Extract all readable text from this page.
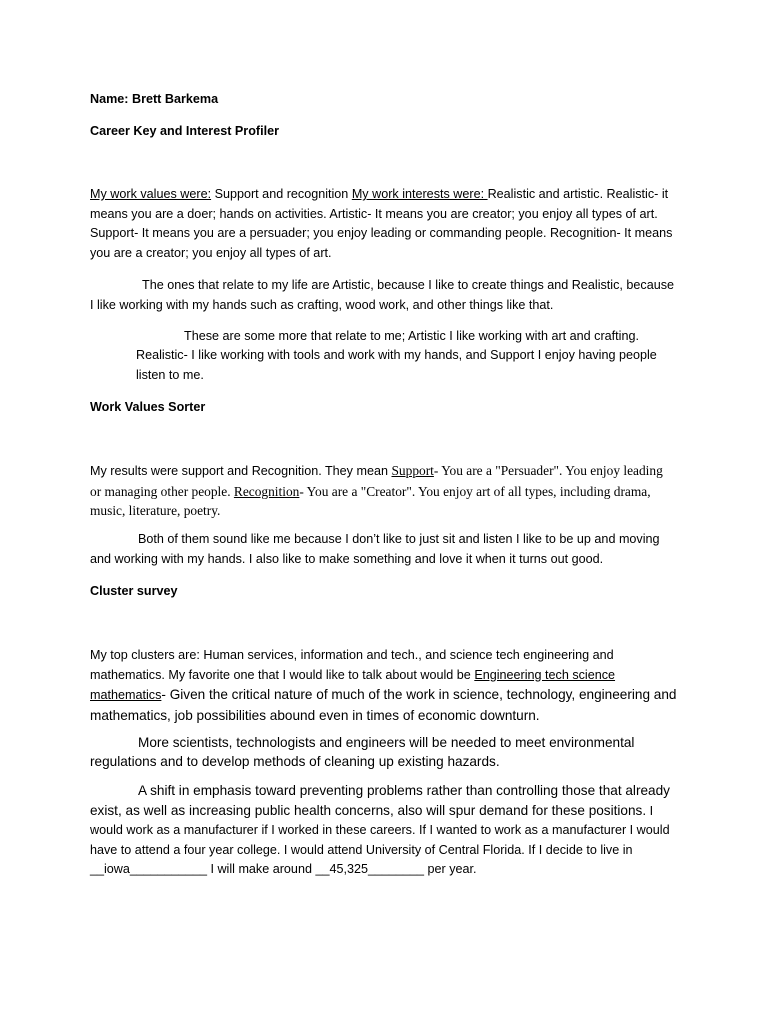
Name: Brett Barkema

Career Key and Interest Profiler

My work values were: Support and recognition My work interests were: Realistic and artistic. Realistic- it means you are a doer; hands on activities. Artistic- It means you are creator; you enjoy all types of art. Support- It means you are a persuader; you enjoy leading or commanding people. Recognition- It means you are a creator; you enjoy all types of art.

The ones that relate to my life are Artistic, because I like to create things and Realistic, because I like working with my hands such as crafting, wood work, and other things like that.

These are some more that relate to me; Artistic I like working with art and crafting.

Realistic- I like working with tools and work with my hands, and Support I enjoy having people listen to me.

Work Values Sorter

My results were support and Recognition. They mean Support- You are a "Persuader". You enjoy leading or managing other people. Recognition- You are a "Creator". You enjoy art of all types, including drama, music, literature, poetry.

Both of them sound like me because I don’t like to just sit and listen I like to be up and moving and working with my hands. I also like to make something and love it when it turns out good.

Cluster survey

My top clusters are: Human services, information and tech., and science tech engineering and mathematics. My favorite one that I would like to talk about would be Engineering tech science mathematics- Given the critical nature of much of the work in science, technology, engineering and mathematics, job possibilities abound even in times of economic downturn.

More scientists, technologists and engineers will be needed to meet environmental regulations and to develop methods of cleaning up existing hazards.

A shift in emphasis toward preventing problems rather than controlling those that already exist, as well as increasing public health concerns, also will spur demand for these positions. I would work as a manufacturer if I worked in these careers. If I wanted to work as a manufacturer I would have to attend a four year college. I would attend University of Central Florida. If I decide to live in __iowa___________ I will make around __45,325________ per year.
